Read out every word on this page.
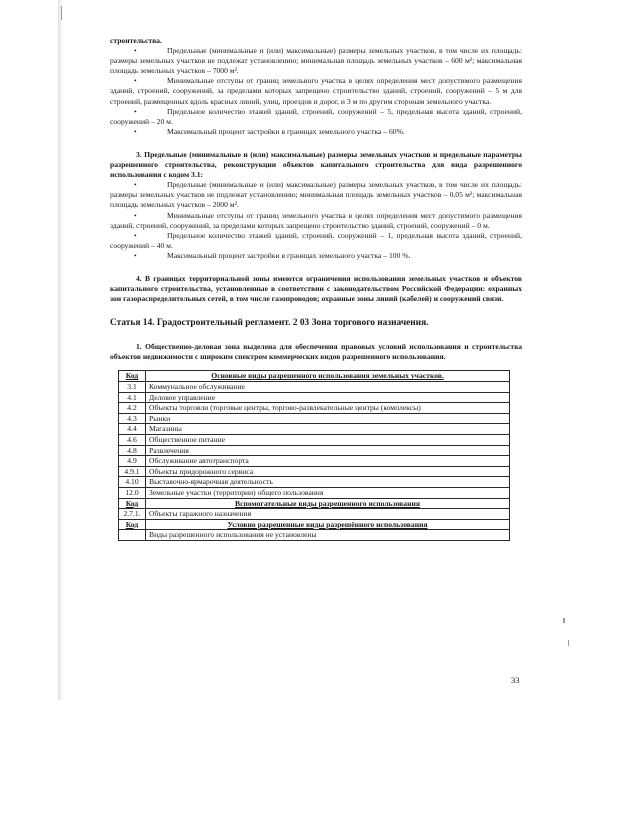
строительства.

•	Предельные (минимальные и (или) максимальные) размеры земельных участков, в том числе их площадь: размеры земельных участков не подлежат установлению; минимальная площадь земельных участков – 600 м²; максимальная площадь земельных участков – 7000 м².

•	Минимальные отступы от границ земельного участка в целях определения мест допустимого размещения зданий, строений, сооружений, за пределами которых запрещено строительство зданий, строений, сооружений – 5 м для строений, размещенных вдоль красных линий, улиц, проездов и дорог, и 3 м по другим сторонам земельного участка.

•	Предельное количество этажей зданий, строений, сооружений – 5, предельная высота зданий, строений, сооружений – 20 м.

•	Максимальный процент застройки в границах земельного участка – 60%.

3. Предельные (минимальные и (или) максимальные) размеры земельных участков и предельные параметры разрешенного строительства, реконструкции объектов капитального строительства для вида разрешенного использования с кодом 3.1:

•	Предельные (минимальные и (или) максимальные) размеры земельных участков, в том числе их площадь: размеры земельных участков не подлежат установлению; минимальная площадь земельных участков – 0,05 м²; максимальная площадь земельных участков – 2000 м².

•	Минимальные отступы от границ земельного участка в целях определения мест допустимого размещения зданий, строений, сооружений, за пределами которых запрещено строительство зданий, строений, сооружений – 0 м.

•	Предельное количество этажей зданий, строений, сооружений – 1, предельная высота зданий, строений, сооружений – 40 м.

•	Максимальный процент застройки в границах земельного участка – 100 %.

4. В границах территориальной зоны имеются ограничения использования земельных участков и объектов капитального строительства, установленные в соответствии с законодательством Российской Федерации: охранных зон газораспределительных сетей, в том числе газопроводов; охранные зоны линий (кабелей) и сооружений связи.

Статья 14. Градостроительный регламент. 2 03 Зона торгового назначения.

1. Общественно-деловая зона выделена для обеспечения правовых условий использования и строительства объектов недвижимости с широким спектром коммерческих видов разрешенного использования.

Код	Основные виды разрешенного использования земельных участков.
3.1	Коммунальное обслуживание
4.1	Деловое управление
4.2	Объекты торговли (торговые центры, торгово-развлекательные центры (комплексы)
4.3	Рынки
4.4	Магазины
4.6	Общественное питание
4.8	Развлечения
4.9	Обслуживание автотранспорта
4.9.1	Объекты придорожного сервиса
4.10	Выставочно-ярмарочная деятельность
12.0	Земельные участки (территории) общего пользования
Код	Вспомогательные виды разрешенного использования
2.7.1.	Объекты гаражного назначения
Код	Условно разрешенные виды разрешённого использования
	Виды разрешенного использования не установлены
33
